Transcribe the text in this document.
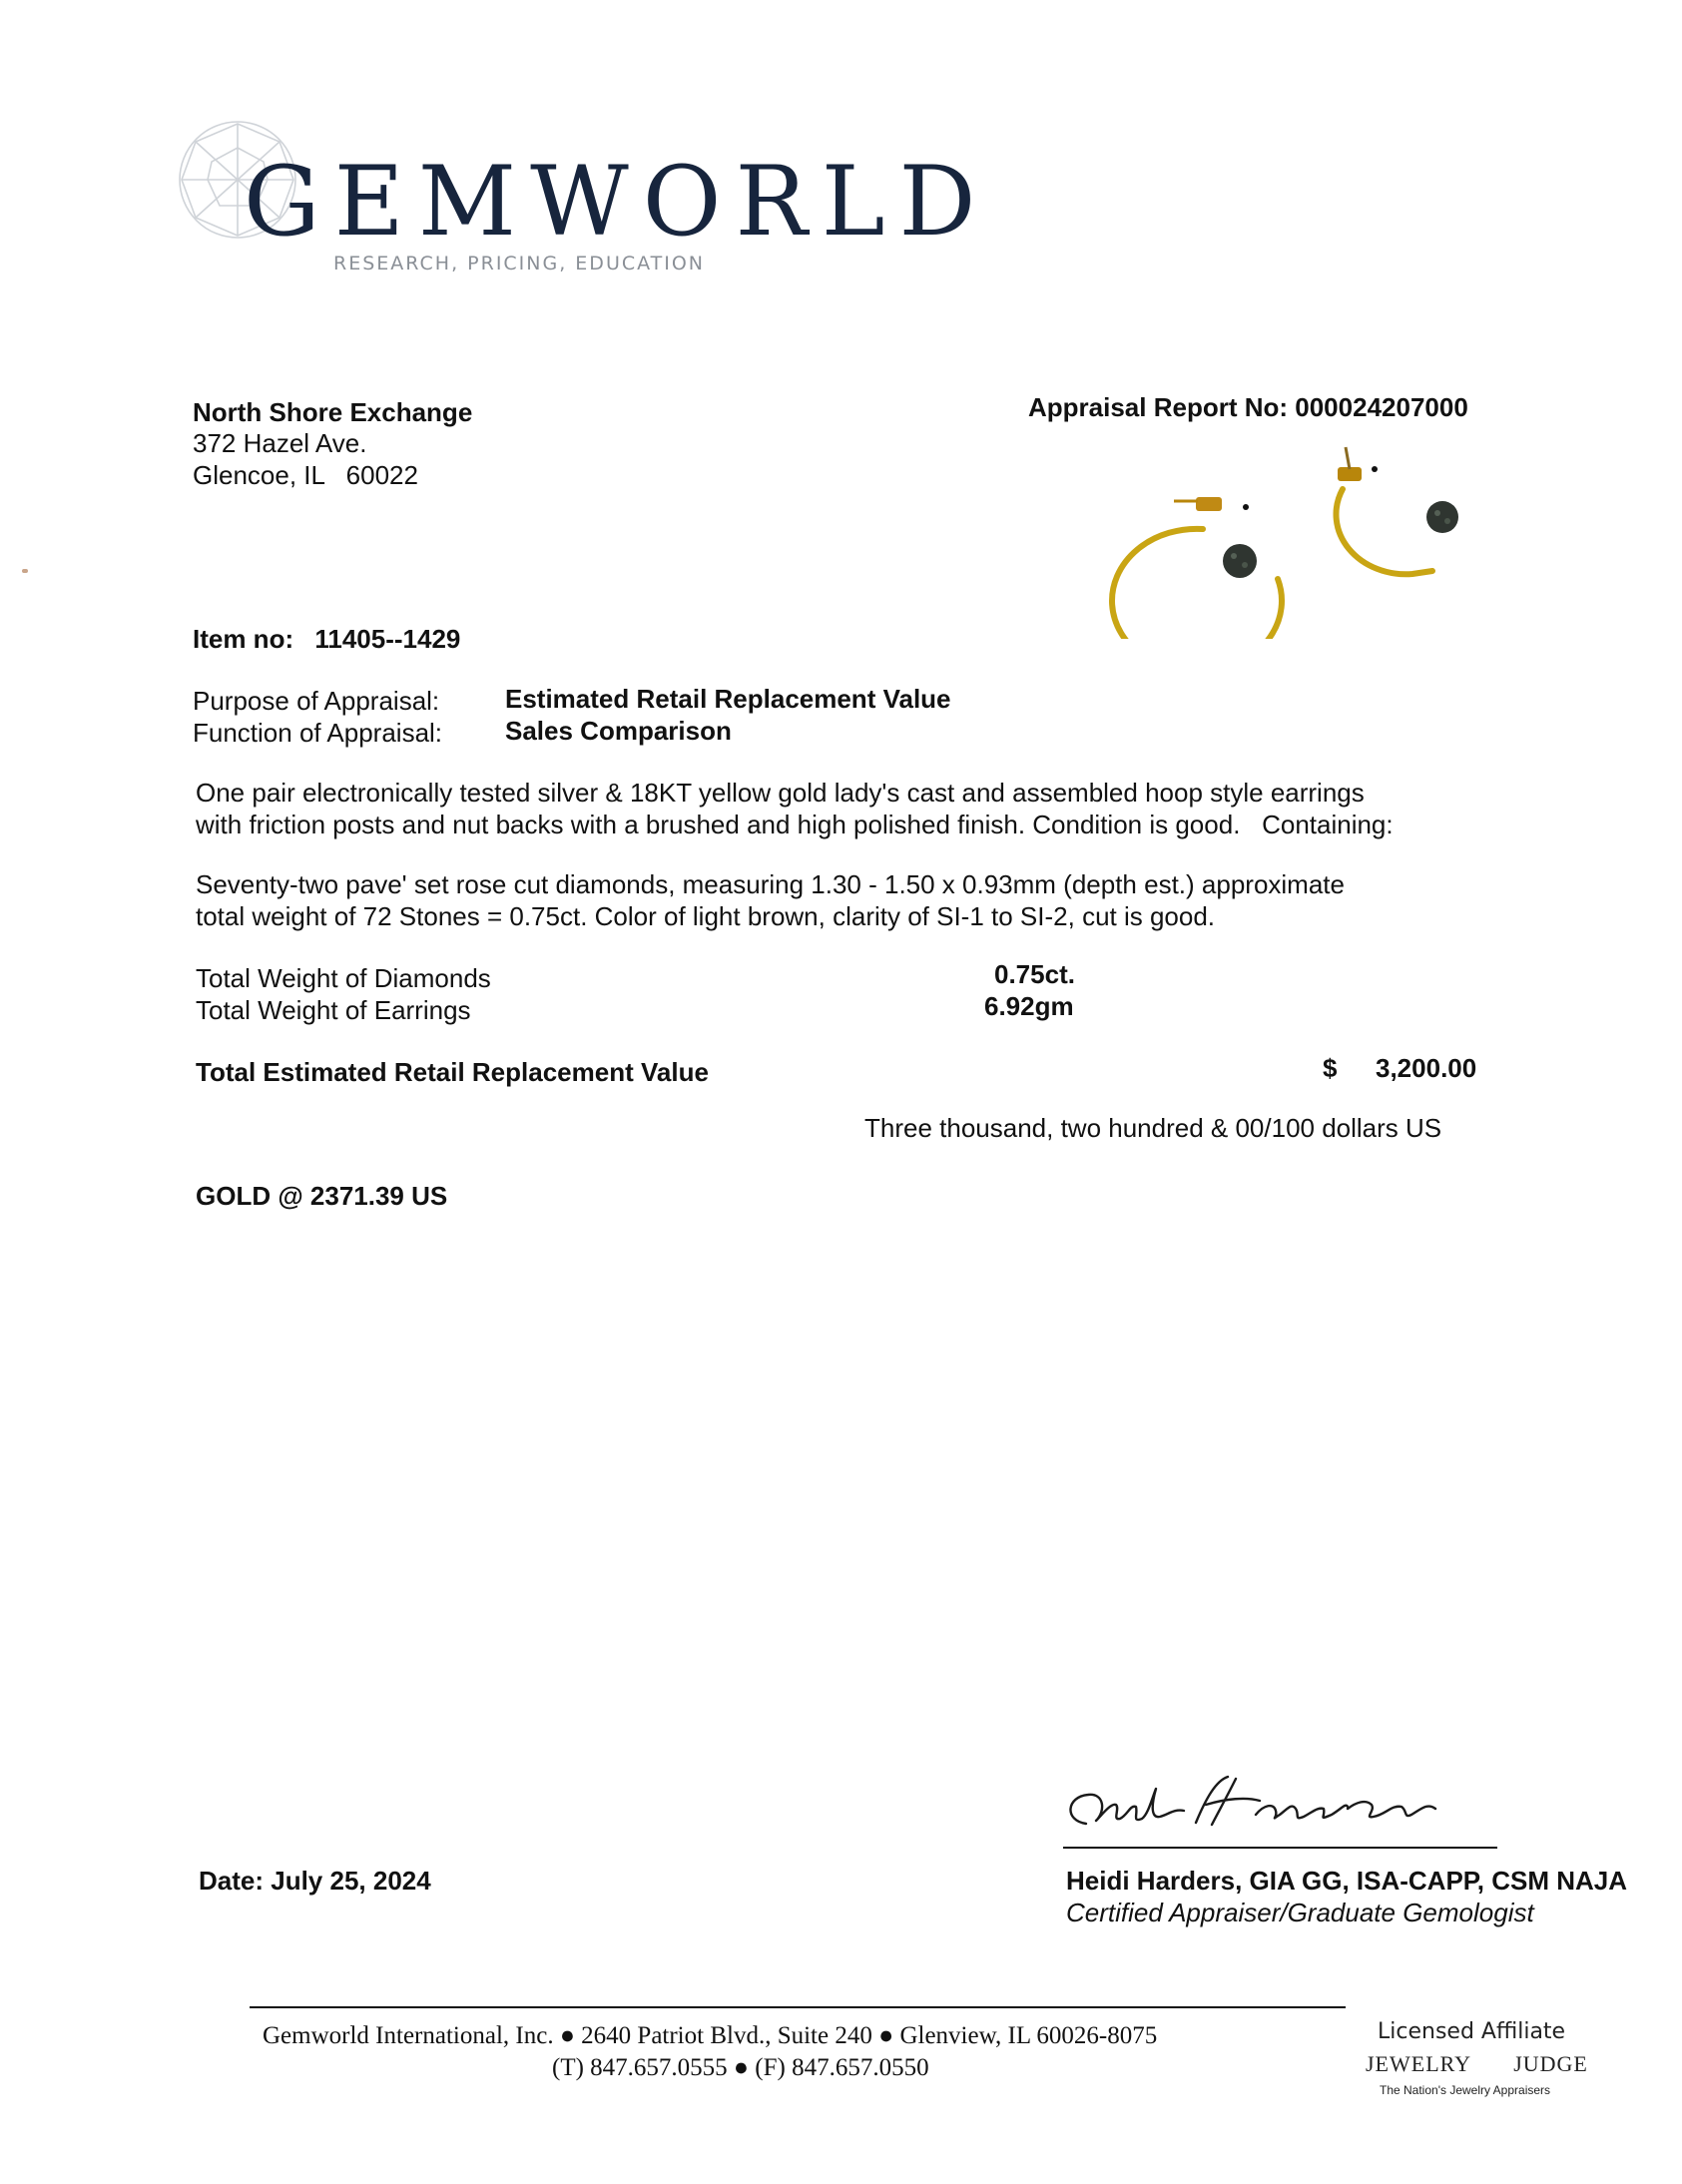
GEMWORLD
RESEARCH, PRICING, EDUCATION
North Shore Exchange
372 Hazel Ave.
Glencoe, IL   60022
Appraisal Report No: 000024207000
Item no: 11405--1429
Purpose of Appraisal:	Estimated Retail Replacement Value
Function of Appraisal: Sales Comparison
One pair electronically tested silver & 18KT yellow gold lady's cast and assembled hoop style earrings
with friction posts and nut backs with a brushed and high polished finish. Condition is good.   Containing:
Seventy-two pave' set rose cut diamonds, measuring 1.30 - 1.50 x 0.93mm (depth est.) approximate
total weight of 72 Stones = 0.75ct. Color of light brown, clarity of SI-1 to SI-2, cut is good.
Total Weight of Diamonds	0.75ct.
Total Weight of Earrings	6.92gm
Total Estimated Retail Replacement Value	$ 3,200.00
Three thousand, two hundred & 00/100 dollars US
GOLD @ 2371.39 US
Date: July 25, 2024	Heidi Harders, GIA GG, ISA-CAPP, CSM NAJA
Certified Appraiser/Graduate Gemologist
Gemworld International, Inc. ● 2640 Patriot Blvd., Suite 240 ● Glenview, IL 60026-8075
(T) 847.657.0555 ● (F) 847.657.0550
Licensed Affiliate
JEWELRY JUDGE
The Nation's Jewelry Appraisers
